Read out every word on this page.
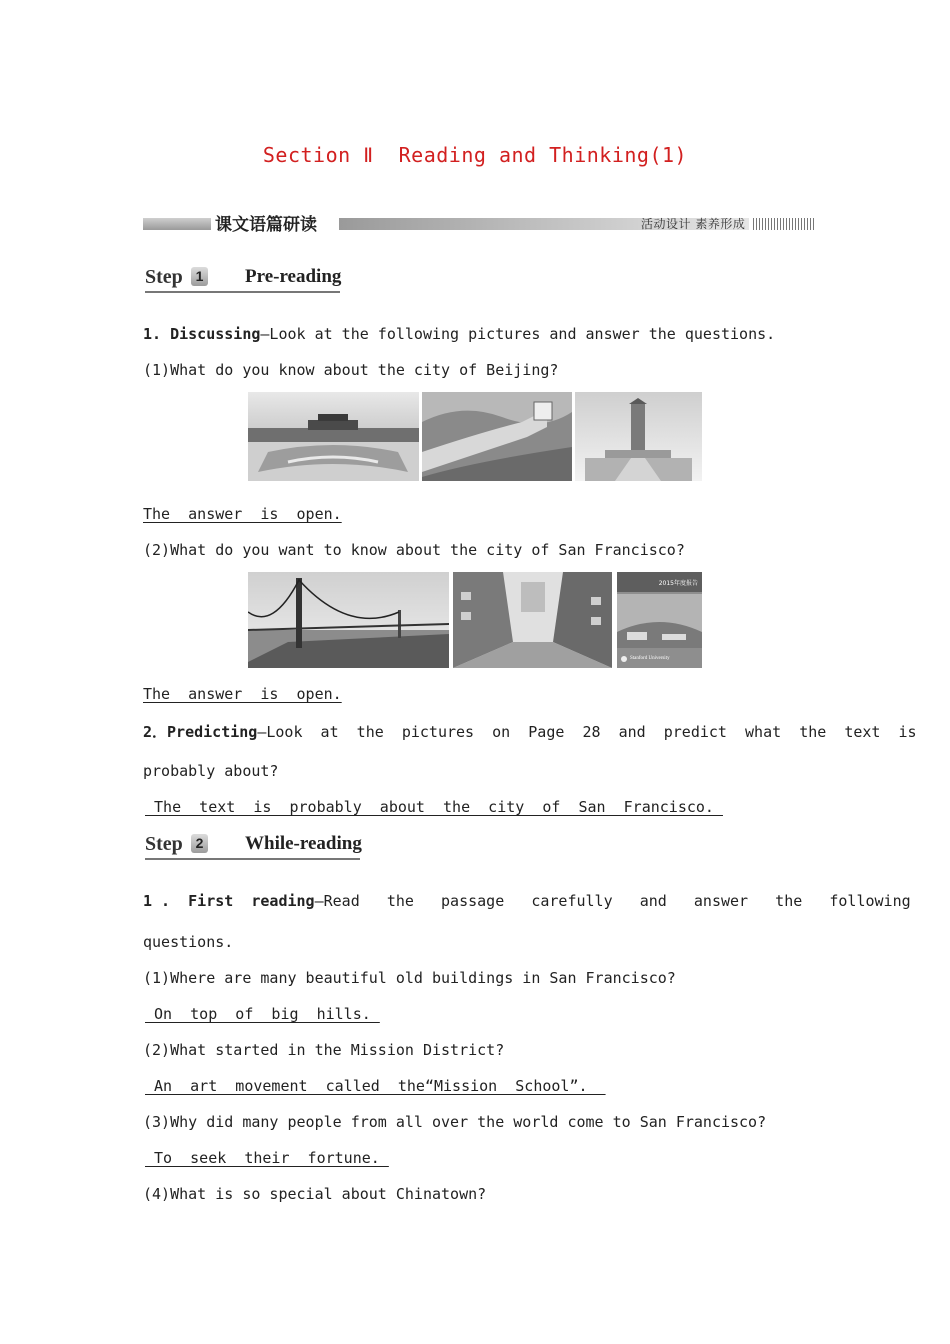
Section Ⅱ  Reading and Thinking(1)
课文语篇研读	活动设计 素养形成
Step 1 Pre-reading
1. Discussing—Look at the following pictures and answer the questions.
(1)What do you know about the city of Beijing?
The  answer  is  open.
(2)What do you want to know about the city of San Francisco?
2015年度报告
Stanford University
The  answer  is  open.
2．Predicting—Look  at  the  pictures  on  Page  28  and  predict  what  the  text  is
probably about?
The  text  is  probably  about  the  city  of  San  Francisco.
Step 2 While-reading
1 .  First  reading—Read   the   passage   carefully   and   answer   the   following
questions.
(1)Where are many beautiful old buildings in San Francisco?
On  top  of  big  hills.
(2)What started in the Mission District?
An  art  movement  called  the“Mission  School”.
(3)Why did many people from all over the world come to San Francisco?
To  seek  their  fortune.
(4)What is so special about Chinatown?
